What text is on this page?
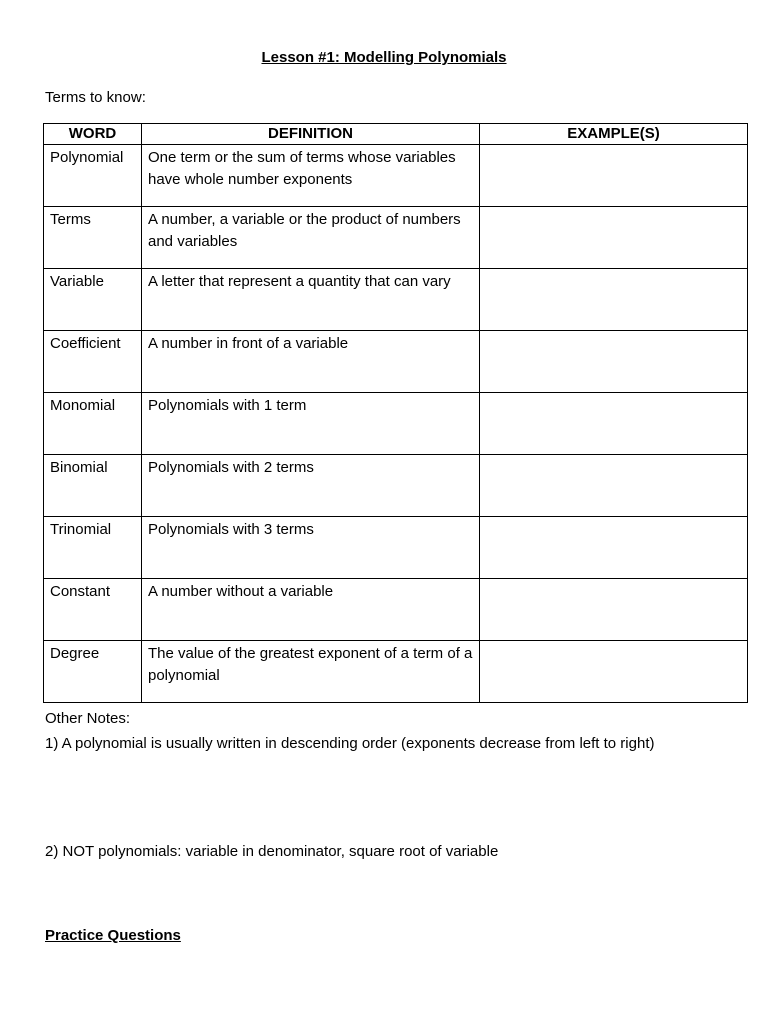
Lesson #1: Modelling Polynomials
Terms to know:
WORD	DEFINITION	EXAMPLE(S)
Polynomial	One term or the sum of terms whose variables have whole number exponents	
Terms	A number, a variable or the product of numbers and variables	
Variable	A letter that represent a quantity that can vary	
Coefficient	A number in front of a variable	
Monomial	Polynomials with 1 term	
Binomial	Polynomials with 2 terms	
Trinomial	Polynomials with 3 terms	
Constant	A number without a variable	
Degree	The value of the greatest exponent of a term of a polynomial	
Other Notes:
1) A polynomial is usually written in descending order (exponents decrease from left to right)
2) NOT polynomials: variable in denominator, square root of variable
Practice Questions
